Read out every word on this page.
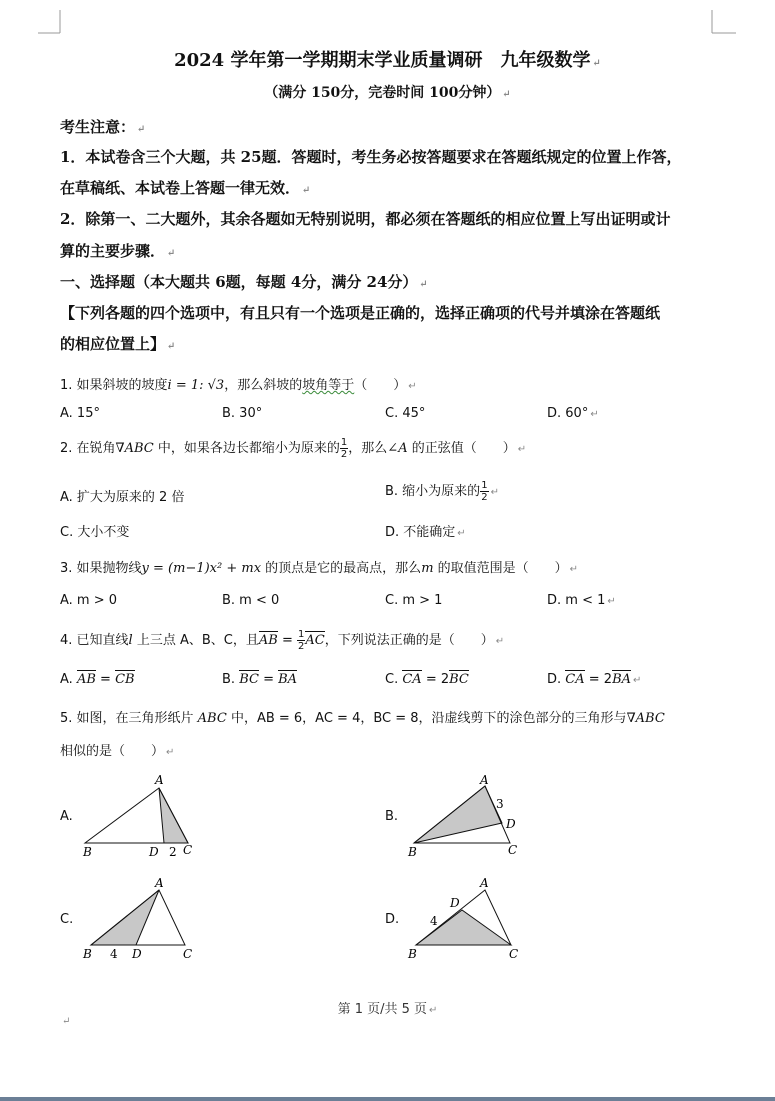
2024 学年第一学期期末学业质量调研　九年级数学 ↵
（满分 150分，完卷时间 100分钟） ↵
考生注意： ↵
1．本试卷含三个大题，共 25题．答题时，考生务必按答题要求在答题纸规定的位置上作答，
在草稿纸、本试卷上答题一律无效． ↵
2．除第一、二大题外，其余各题如无特别说明，都必须在答题纸的相应位置上写出证明或计
算的主要步骤． ↵
一、选择题（本大题共 6题，每题 4分，满分 24分） ↵
【下列各题的四个选项中，有且只有一个选项是正确的，选择正确项的代号并填涂在答题纸
的相应位置上】 ↵
1. 如果斜坡的坡度i = 1: √3，那么斜坡的坡角等于（　　） ↵
A. 15°	B. 30°	C. 45°	D. 60° ↵
2. 在锐角∇ABC 中，如果各边长都缩小为原来的 $\frac{1}{2}$ ，那么∠A 的正弦值（　　） ↵
A. 扩大为原来的 2 倍	B. 缩小为原来的 $\frac{1}{2}$ ↵
C. 大小不变	D. 不能确定 ↵
3. 如果抛物线y = (m−1)x² + mx 的顶点是它的最高点，那么m 的取值范围是（　　） ↵
A. m > 0	B. m < 0	C. m > 1	D. m < 1 ↵
4. 已知直线l 上三点 A、B、C，且AB = $\frac{1}{2}$ AC，下列说法正确的是（　　） ↵
A. AB = CB	B. BC = BA	C. CA = 2BC	D. CA = 2BA ↵
5. 如图，在三角形纸片 ABC 中，AB = 6，AC = 4，BC = 8，沿虚线剪下的涂色部分的三角形与∇ABC
相似的是（　　） ↵
A.	B.
C.	D.
A
B	D 2 C
A
3
D
B	C
A
B 4 D	C
A
D
4
B	C
第 1 页/共 5 页 ↵
↵
